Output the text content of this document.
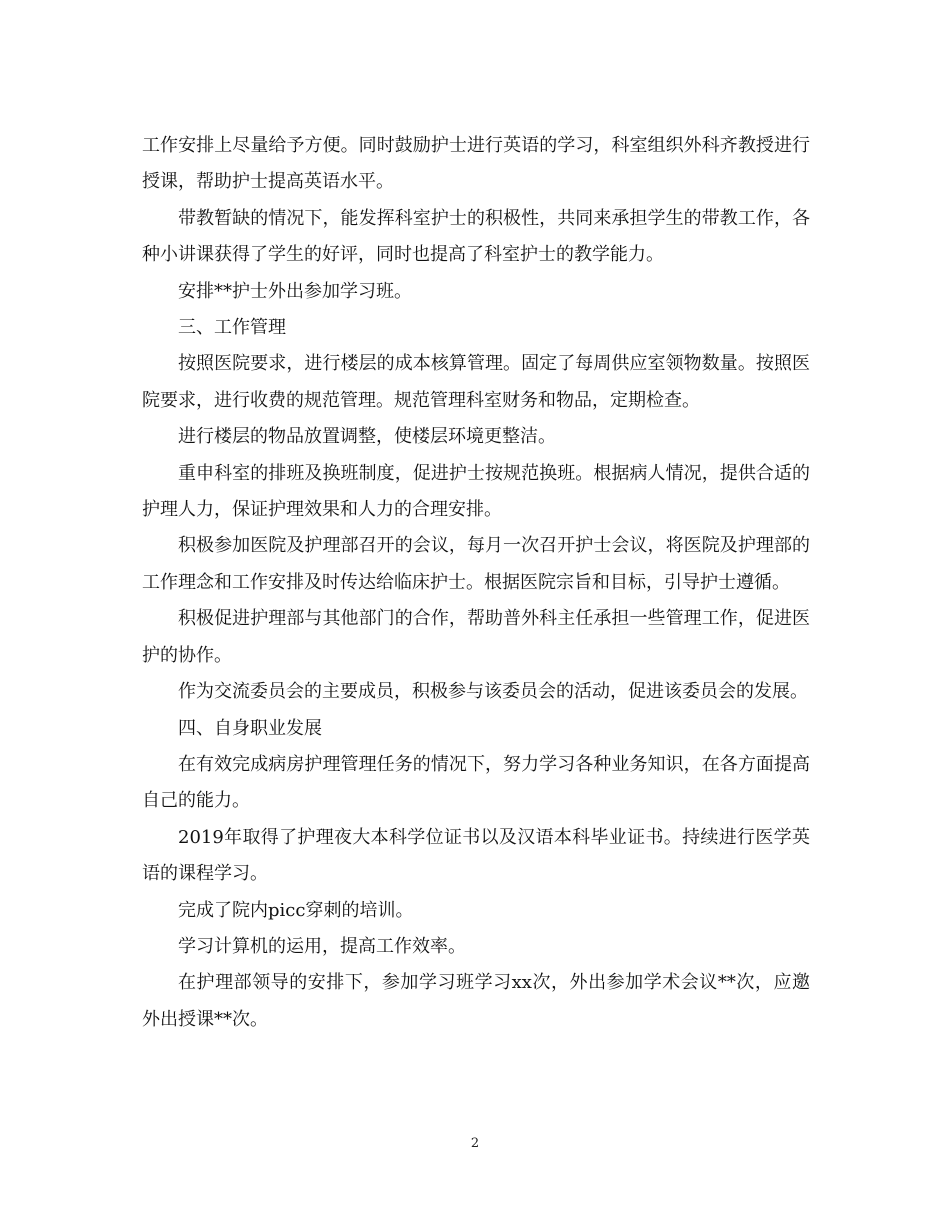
工作安排上尽量给予方便。同时鼓励护士进行英语的学习，科室组织外科齐教授进行授课，帮助护士提高英语水平。

带教暂缺的情况下，能发挥科室护士的积极性，共同来承担学生的带教工作，各种小讲课获得了学生的好评，同时也提高了科室护士的教学能力。

安排**护士外出参加学习班。

三、工作管理

按照医院要求，进行楼层的成本核算管理。固定了每周供应室领物数量。按照医院要求，进行收费的规范管理。规范管理科室财务和物品，定期检查。

进行楼层的物品放置调整，使楼层环境更整洁。

重申科室的排班及换班制度，促进护士按规范换班。根据病人情况，提供合适的护理人力，保证护理效果和人力的合理安排。

积极参加医院及护理部召开的会议，每月一次召开护士会议，将医院及护理部的工作理念和工作安排及时传达给临床护士。根据医院宗旨和目标，引导护士遵循。

积极促进护理部与其他部门的合作，帮助普外科主任承担一些管理工作，促进医护的协作。

作为交流委员会的主要成员，积极参与该委员会的活动，促进该委员会的发展。

四、自身职业发展

在有效完成病房护理管理任务的情况下，努力学习各种业务知识，在各方面提高自己的能力。

2019年取得了护理夜大本科学位证书以及汉语本科毕业证书。持续进行医学英语的课程学习。

完成了院内picc穿刺的培训。

学习计算机的运用，提高工作效率。

在护理部领导的安排下，参加学习班学习xx次，外出参加学术会议**次，应邀外出授课**次。

2
